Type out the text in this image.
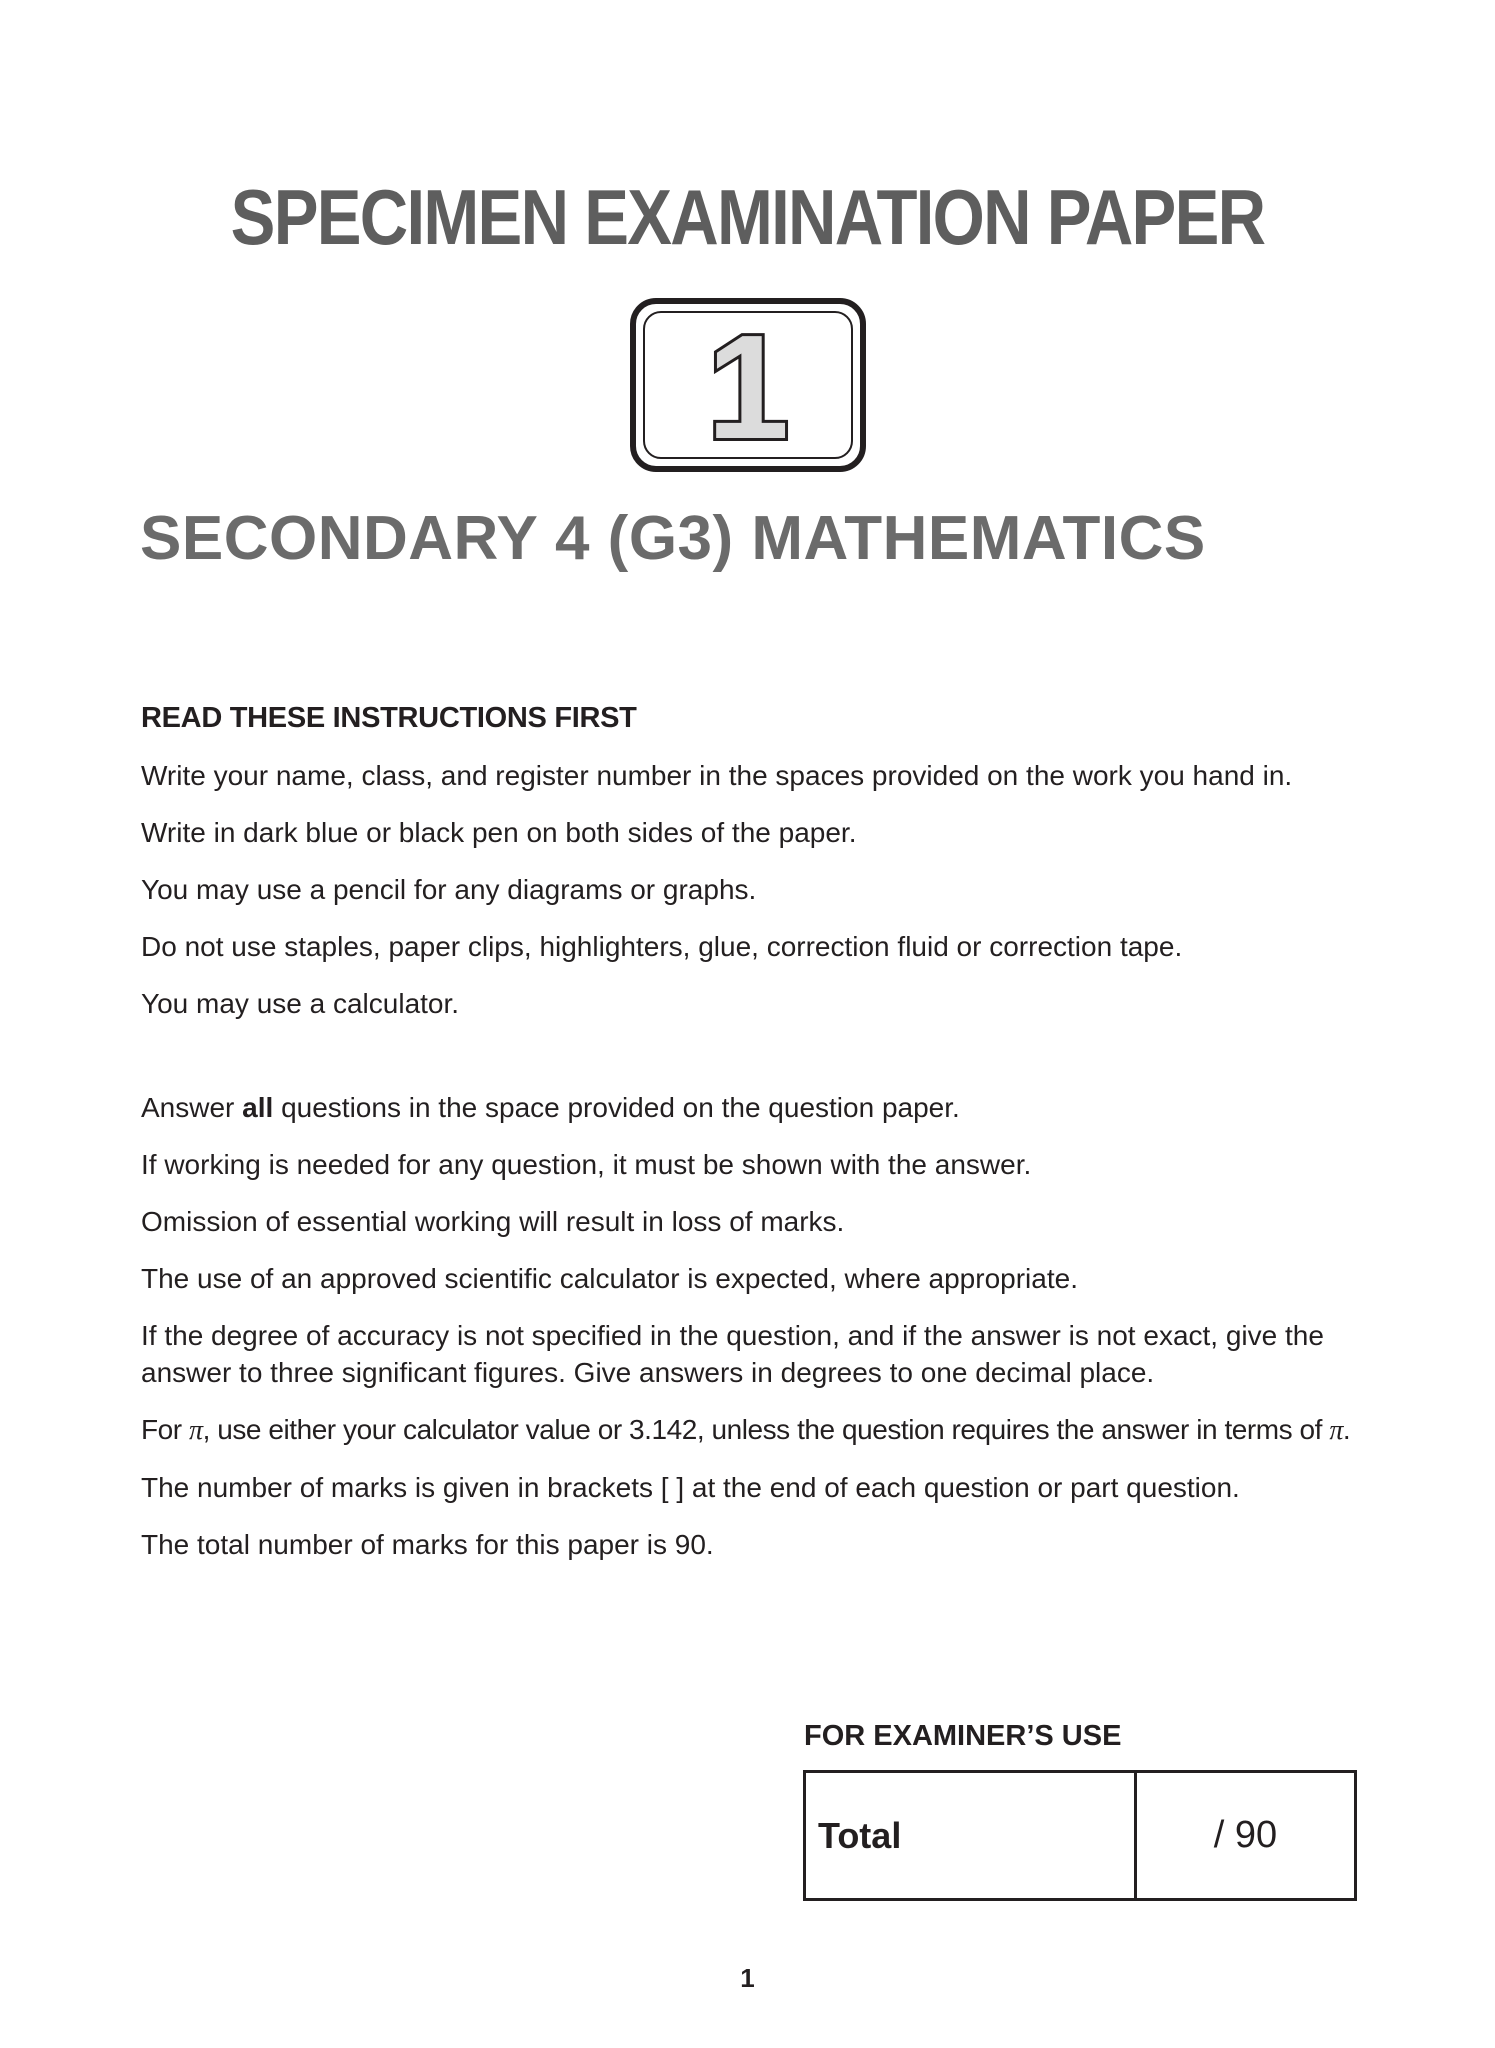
SPECIMEN EXAMINATION PAPER
1
SECONDARY 4 (G3) MATHEMATICS
READ THESE INSTRUCTIONS FIRST

Write your name, class, and register number in the spaces provided on the work you hand in.

Write in dark blue or black pen on both sides of the paper.

You may use a pencil for any diagrams or graphs.

Do not use staples, paper clips, highlighters, glue, correction fluid or correction tape.

You may use a calculator.

Answer all questions in the space provided on the question paper.

If working is needed for any question, it must be shown with the answer.

Omission of essential working will result in loss of marks.

The use of an approved scientific calculator is expected, where appropriate.

If the degree of accuracy is not specified in the question, and if the answer is not exact, give the

answer to three significant figures. Give answers in degrees to one decimal place.

For π, use either your calculator value or 3.142, unless the question requires the answer in terms of π.

The number of marks is given in brackets [ ] at the end of each question or part question.

The total number of marks for this paper is 90.

FOR EXAMINER’S USE
Total	/ 90
1
